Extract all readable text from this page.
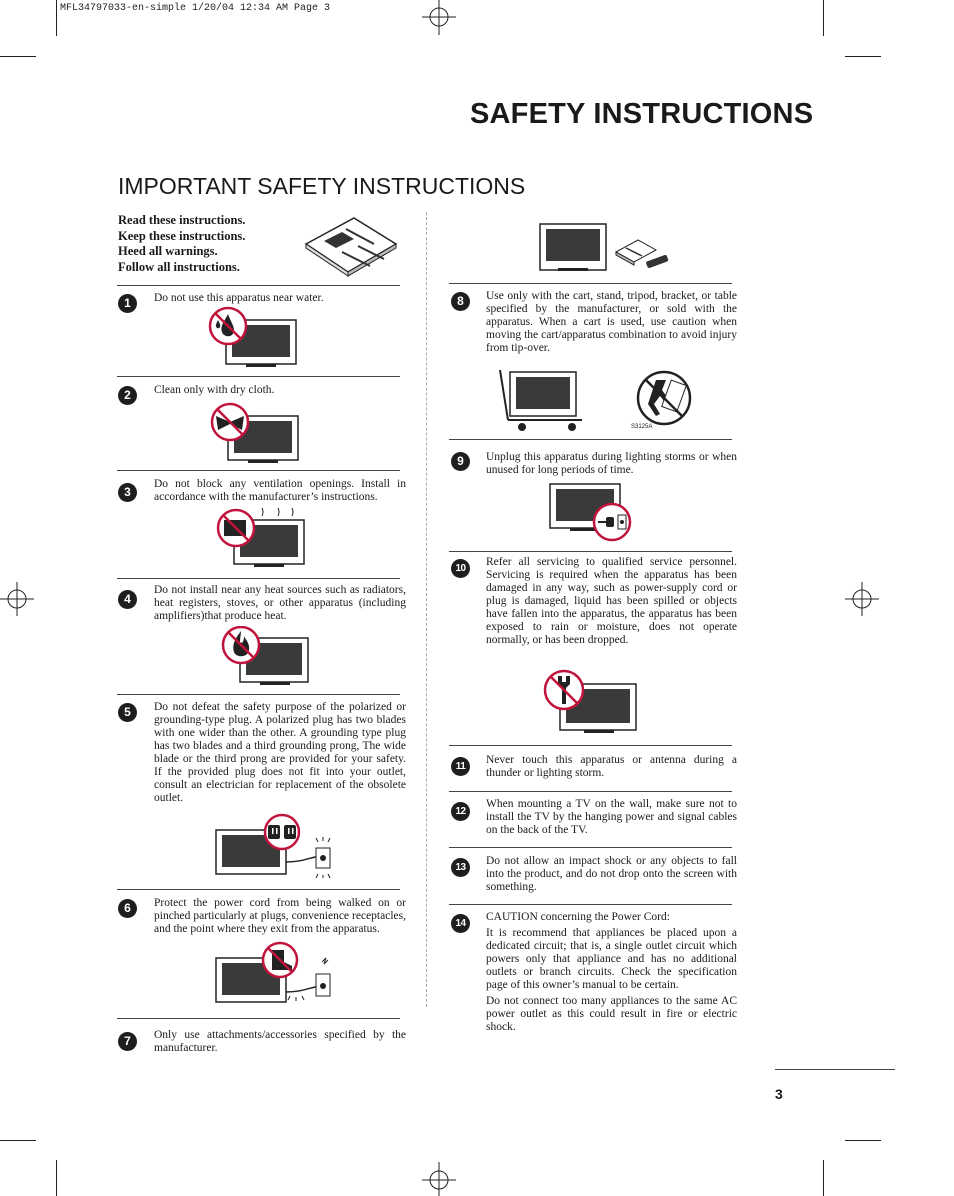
MFL34797033-en-simple 1/20/04 12:34 AM Page 3
SAFETY INSTRUCTIONS
IMPORTANT SAFETY INSTRUCTIONS
Read these instructions.
Keep these instructions.
Heed all warnings.
Follow all instructions.
1	Do not use this apparatus near water.

2	Clean only with dry cloth.

3

Do not block any ventilation openings. Install in accordance with the manufacturer’s instructions.

4

Do not install near any heat sources such as radiators, heat registers, stoves, or other apparatus (including amplifiers)that produce heat.

5	Do not defeat the safety purpose of the polarized or grounding-type plug. A polarized plug has two blades with one wider than the other. A grounding type plug has two blades and a third grounding prong, The wide blade or the third prong are provided for your safety. If the provided plug does not fit into your outlet, consult an electrician for replacement of the obsolete outlet.

6	Protect the power cord from being walked on or pinched particularly at plugs, convenience receptacles, and the point where they exit from the apparatus.

7	Only use attachments/accessories specified by the manufacturer.

8	Use only with the cart, stand, tripod, bracket, or table specified by the manufacturer, or sold with the apparatus. When a cart is used, use caution when moving the cart/apparatus combination to avoid injury from tip-over.

S3125A
9	Unplug this apparatus during lighting storms or when unused for long periods of time.

10

Refer all servicing to qualified service personnel. Servicing is required when the apparatus has been damaged in any way, such as power-supply cord or plug is damaged, liquid has been spilled or objects have fallen into the apparatus, the apparatus has been exposed to rain or moisture, does not operate normally, or has been dropped.

11

Never touch this apparatus or antenna during a thunder or lighting storm.

12

When mounting a TV on the wall, make sure not to install the TV by the hanging power and signal cables on the back of the TV.

13

Do not allow an impact shock or any objects to fall into the product, and do not drop onto the screen with something.

14

CAUTION concerning the Power Cord:

It is recommend that appliances be placed upon a dedicated circuit; that is, a single outlet circuit which powers only that appliance and has no additional outlets or branch circuits. Check the specification page of this owner’s manual to be certain.

Do not connect too many appliances to the same AC power outlet as this could result in fire or electric shock.

3
